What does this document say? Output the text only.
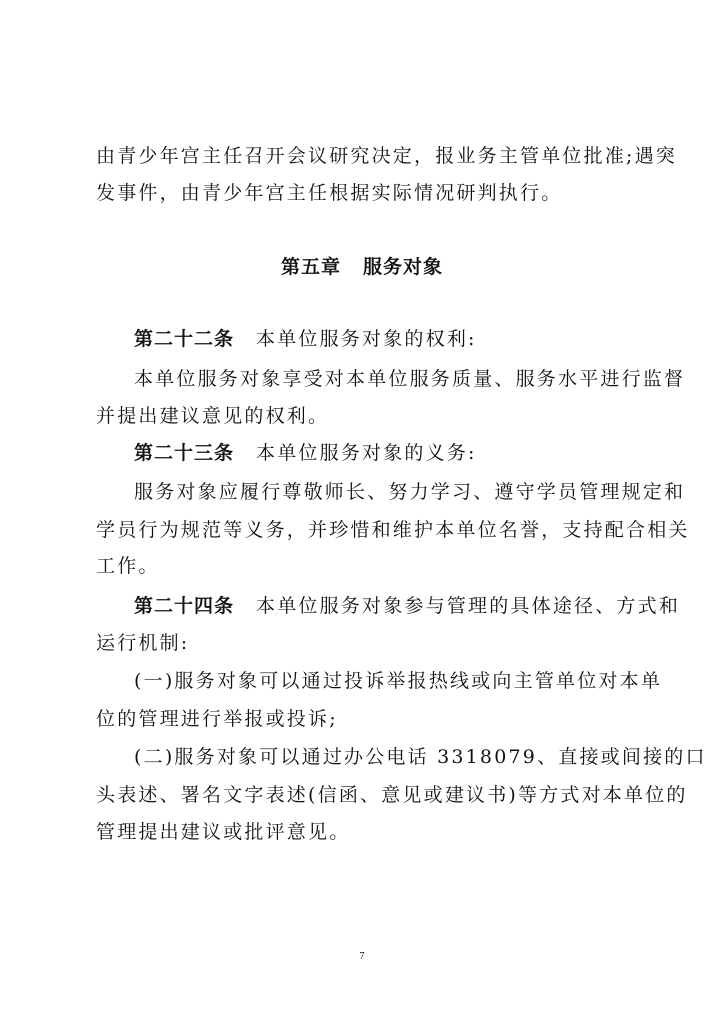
由青少年宫主任召开会议研究决定，报业务主管单位批准;遇突

发事件，由青少年宫主任根据实际情况研判执行。

第五章 服务对象

第二十二条 本单位服务对象的权利:

本单位服务对象享受对本单位服务质量、服务水平进行监督

并提出建议意见的权利。

第二十三条 本单位服务对象的义务:

服务对象应履行尊敬师长、努力学习、遵守学员管理规定和

学员行为规范等义务，并珍惜和维护本单位名誉，支持配合相关

工作。

第二十四条 本单位服务对象参与管理的具体途径、方式和

运行机制:

(一)服务对象可以通过投诉举报热线或向主管单位对本单

位的管理进行举报或投诉;

(二)服务对象可以通过办公电话 3318079、直接或间接的口

头表述、署名文字表述(信函、意见或建议书)等方式对本单位的

管理提出建议或批评意见。

7
